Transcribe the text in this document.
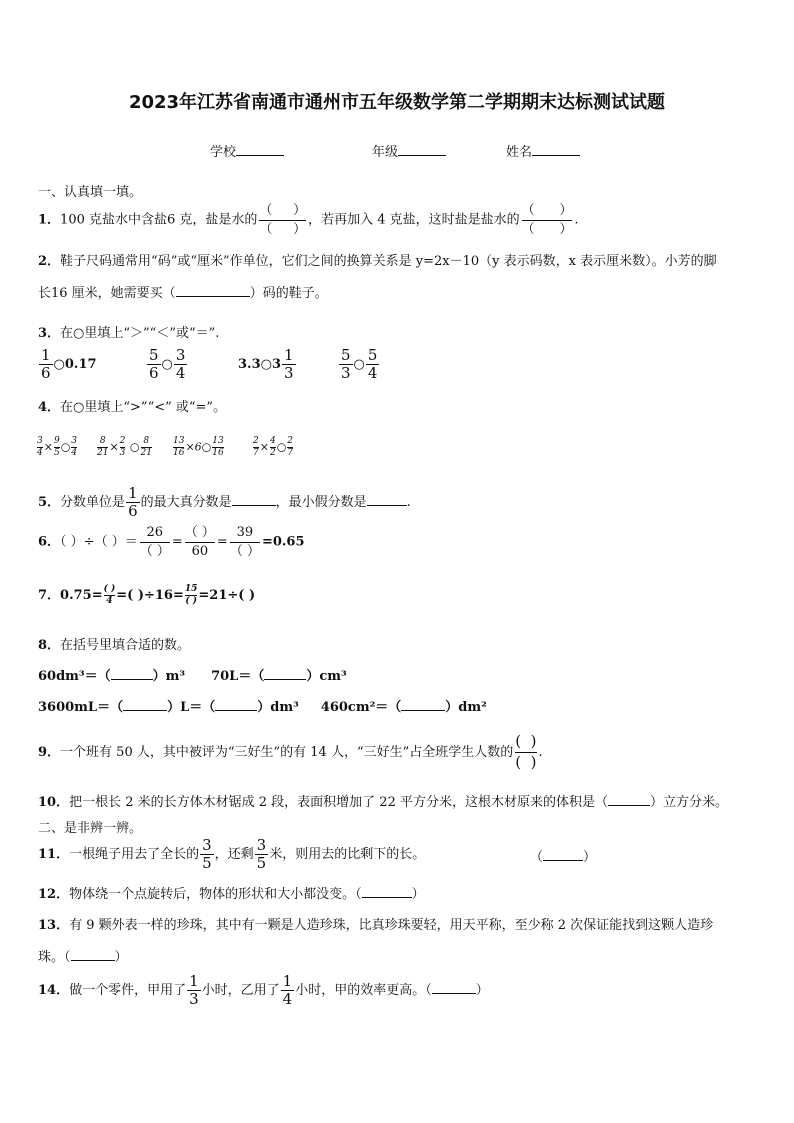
2023年江苏省南通市通州市五年级数学第二学期期末达标测试试题
学校	年级	姓名
一、认真填一填。
1．100 克盐水中含盐6 克，盐是水的 $\frac{( )}{( )}$ ，若再加入 4 克盐，这时盐是盐水的 $\frac{( )}{( )}$ .
2．鞋子尺码通常用“码”或“厘米”作单位，它们之间的换算关系是 y=2x－10（y 表示码数，x 表示厘米数）。小芳的脚
长16 厘米，她需要买（	）码的鞋子。
3．在○里填上“＞”“＜”或“＝”.
$\frac{1}{6}$ ○0.17	$\frac{5}{6}$ ○ $\frac{3}{4}$	3.3○3 $\frac{1}{3}$	$\frac{5}{3}$ ○ $\frac{5}{4}$
4．在○里填上“>”“<” 或“=”。
$\frac{3}{4} \times \frac{9}{5}$ ○ $\frac{3}{4} \frac{8}{21} \times \frac{2}{3}$ ○ $\frac{8}{21} \frac{13}{16}$ ×6○ $\frac{13}{16}$	$\frac{2}{7} \times \frac{4}{2}$ ○ $\frac{2}{7}$
5．分数单位是 $\frac{1}{6}$ 的最大真分数是	，最小假分数是	.
6．（ ）÷（ ）＝ $\frac{26}{( )} = \frac{( )}{60} = \frac{39}{( )} =0.65$
7．$0.75= \frac{( )}{4}$ =( )$\div 16= \frac{15}{( )} =21\div$( )
8．在括号里填合适的数。
60dm³＝（	）m³ 70L＝（	）cm³
3600mL＝（	）L＝（	）dm³ 460cm²＝（	）dm²
9．一个班有 50 人，其中被评为“三好生”的有 14 人，“三好生”占全班学生人数的 $\frac{( )}{( )}$ .
10．把一根长 2 米的长方体木材锯成 2 段，表面积增加了 22 平方分米，这根木材原来的体积是（	）立方分米。
二、是非辨一辨。
11．一根绳子用去了全长的 $\frac{3}{5}$ ，还剩 $\frac{3}{5}$ 米，则用去的比剩下的长。	（	）
12．物体绕一个点旋转后，物体的形状和大小都没变。（	）
13．有 9 颗外表一样的珍珠，其中有一颗是人造珍珠，比真珍珠要轻，用天平称，至少称 2 次保证能找到这颗人造珍
珠。（	）
14．做一个零件，甲用了 $\frac{1}{3}$ 小时，乙用了 $\frac{1}{4}$ 小时，甲的效率更高。（	）
